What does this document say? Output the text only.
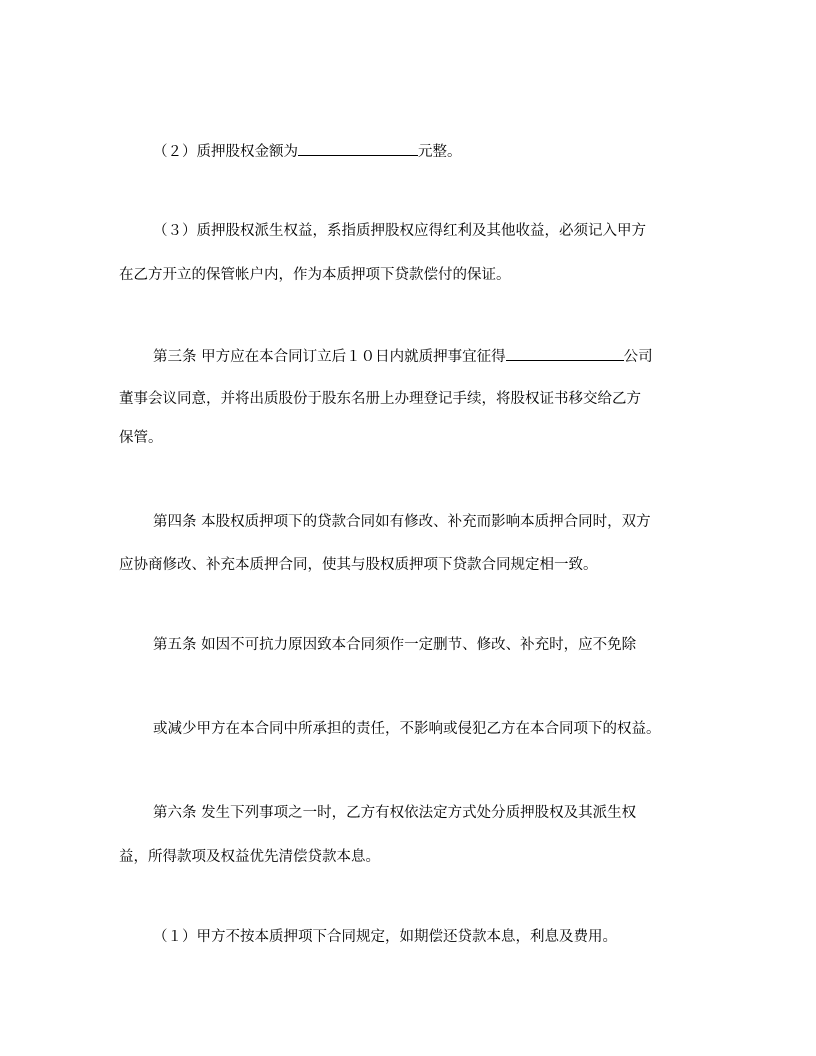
（２）质押股权金额为	元整。
（３）质押股权派生权益，系指质押股权应得红利及其他收益，必须记入甲方
在乙方开立的保管帐户内，作为本质押项下贷款偿付的保证。
第三条 甲方应在本合同订立后１０日内就质押事宜征得	公司
董事会议同意，并将出质股份于股东名册上办理登记手续，将股权证书移交给乙方
保管。
第四条 本股权质押项下的贷款合同如有修改、补充而影响本质押合同时，双方
应协商修改、补充本质押合同，使其与股权质押项下贷款合同规定相一致。
第五条 如因不可抗力原因致本合同须作一定删节、修改、补充时，应不免除
或减少甲方在本合同中所承担的责任，不影响或侵犯乙方在本合同项下的权益。
第六条 发生下列事项之一时，乙方有权依法定方式处分质押股权及其派生权
益，所得款项及权益优先清偿贷款本息。
（１）甲方不按本质押项下合同规定，如期偿还贷款本息，利息及费用。
